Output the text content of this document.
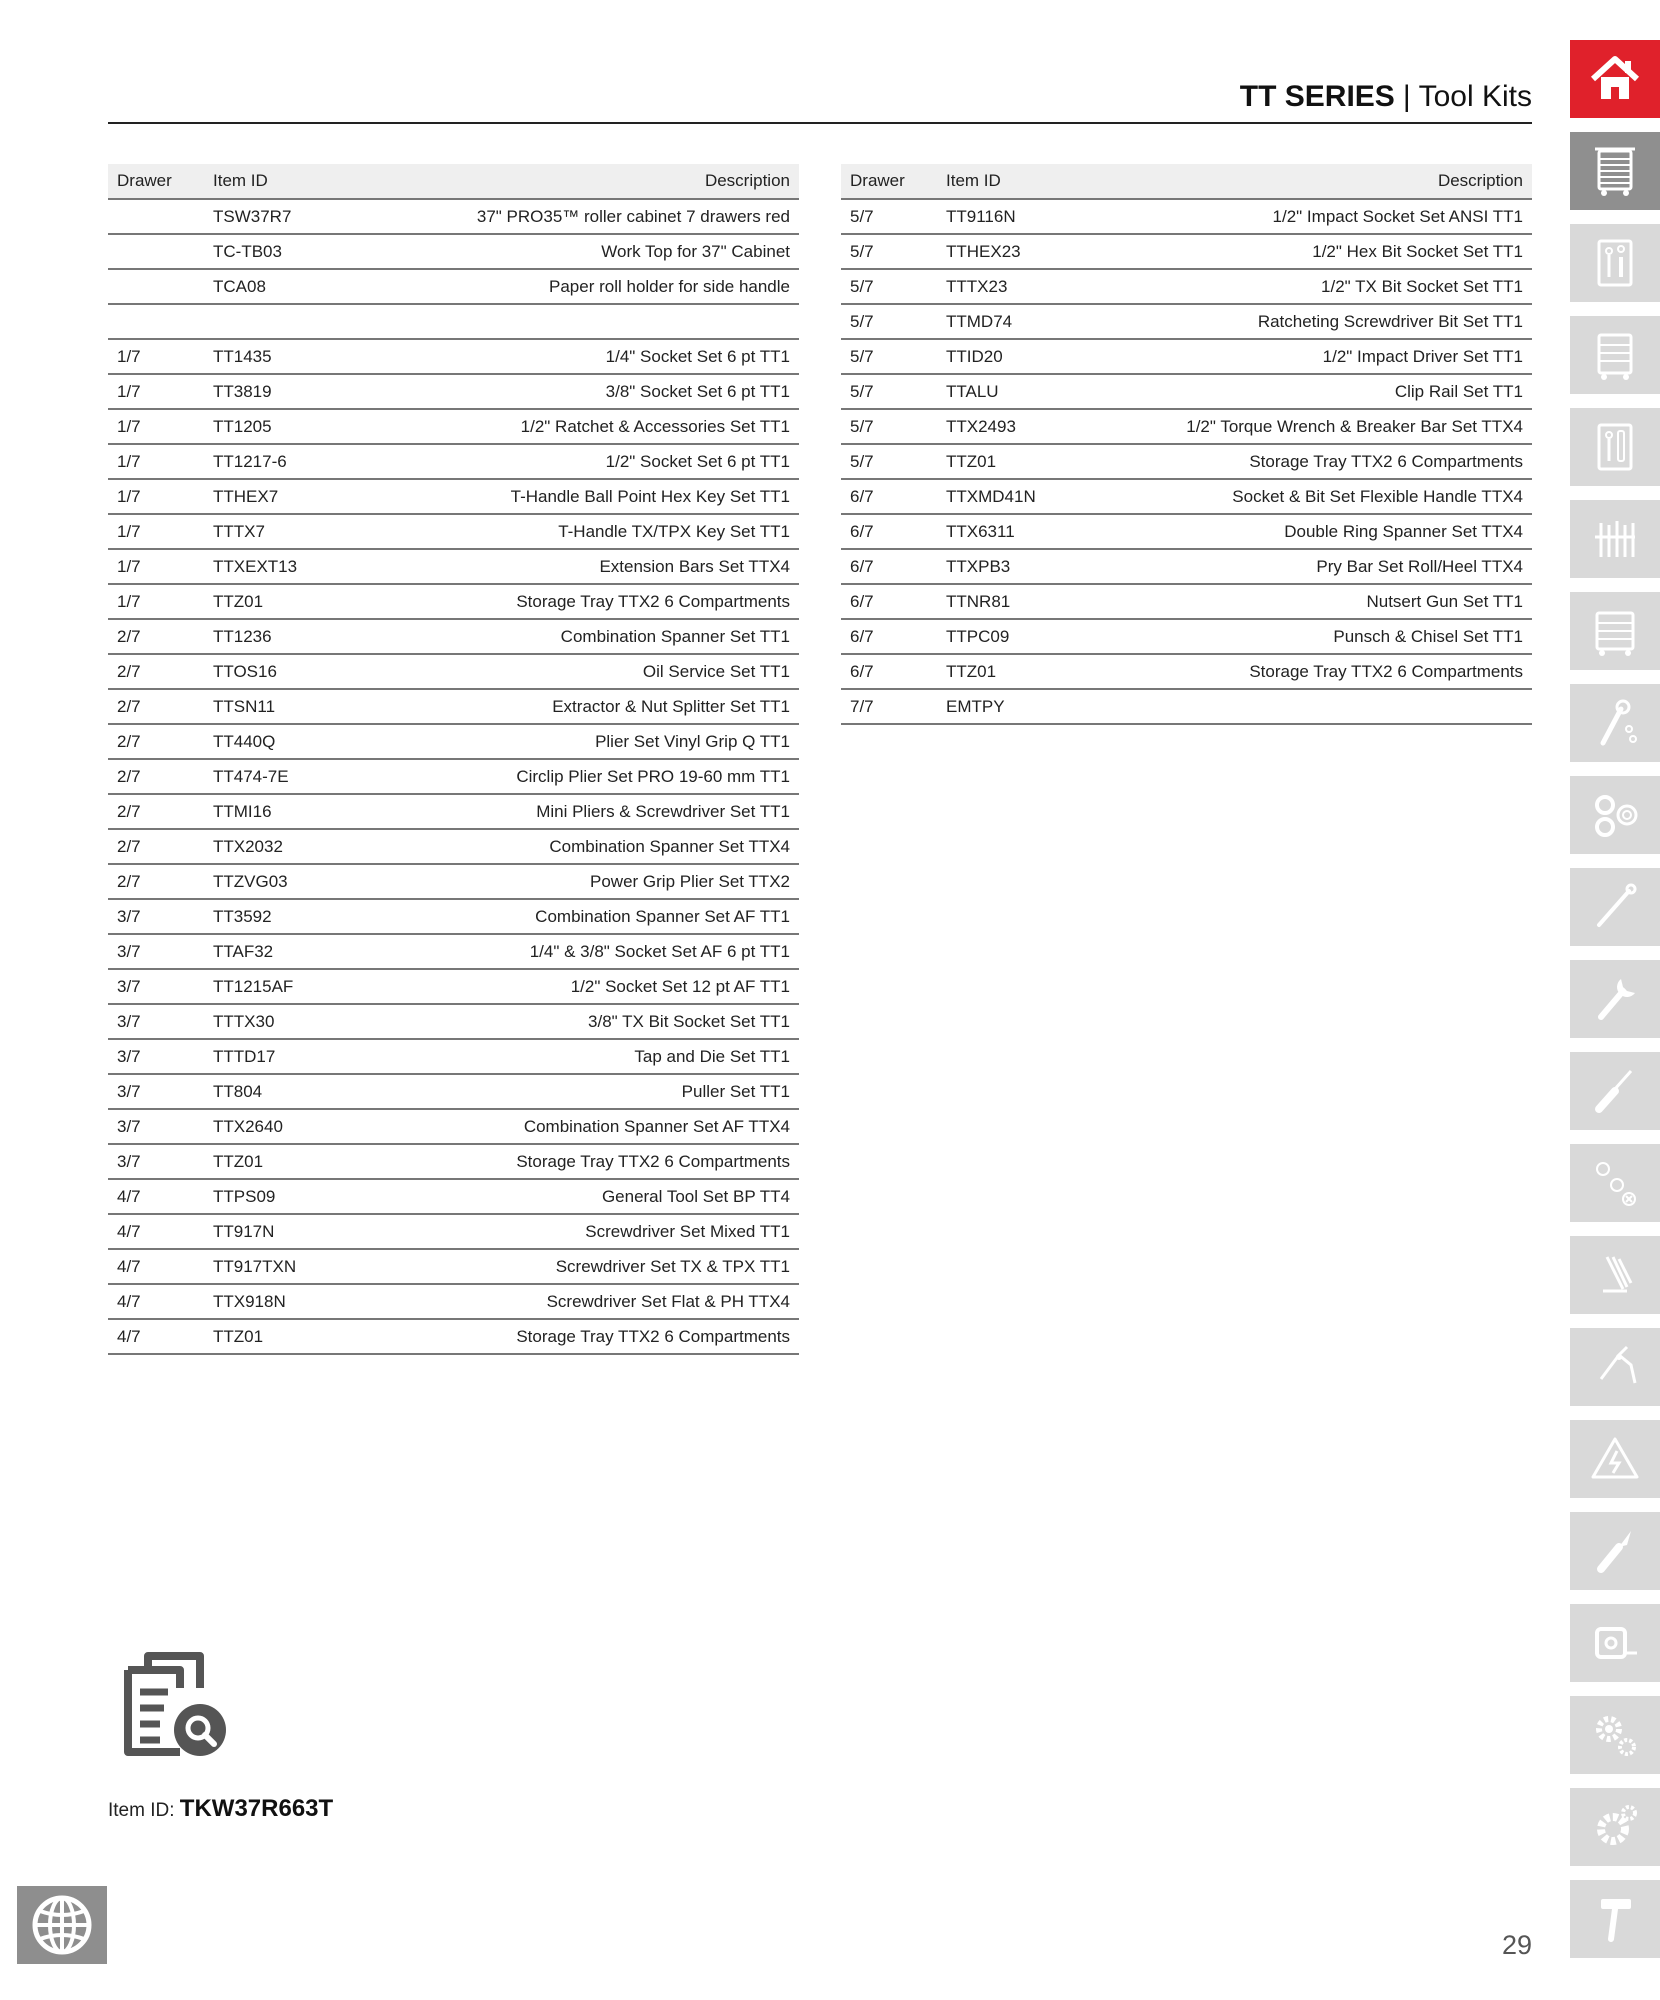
TT SERIES | Tool Kits
Drawer	Item ID	Description
	TSW37R7	37" PRO35™ roller cabinet 7 drawers red
	TC-TB03	Work Top for 37" Cabinet
	TCA08	Paper roll holder for side handle

1/7	TT1435	1/4" Socket Set 6 pt TT1
1/7	TT3819	3/8" Socket Set 6 pt TT1
1/7	TT1205	1/2" Ratchet & Accessories Set TT1
1/7	TT1217-6	1/2" Socket Set 6 pt TT1
1/7	TTHEX7	T-Handle Ball Point Hex Key Set TT1
1/7	TTTX7	T-Handle TX/TPX Key Set TT1
1/7	TTXEXT13	Extension Bars Set TTX4
1/7	TTZ01	Storage Tray TTX2 6 Compartments
2/7	TT1236	Combination Spanner Set TT1
2/7	TTOS16	Oil Service Set TT1
2/7	TTSN11	Extractor & Nut Splitter Set TT1
2/7	TT440Q	Plier Set Vinyl Grip Q TT1
2/7	TT474-7E	Circlip Plier Set PRO 19-60 mm TT1
2/7	TTMI16	Mini Pliers & Screwdriver Set TT1
2/7	TTX2032	Combination Spanner Set TTX4
2/7	TTZVG03	Power Grip Plier Set TTX2
3/7	TT3592	Combination Spanner Set AF TT1
3/7	TTAF32	1/4" & 3/8" Socket Set AF 6 pt TT1
3/7	TT1215AF	1/2" Socket Set 12 pt AF TT1
3/7	TTTX30	3/8" TX Bit Socket Set TT1
3/7	TTTD17	Tap and Die Set TT1
3/7	TT804	Puller Set TT1
3/7	TTX2640	Combination Spanner Set AF TTX4
3/7	TTZ01	Storage Tray TTX2 6 Compartments
4/7	TTPS09	General Tool Set BP TT4
4/7	TT917N	Screwdriver Set Mixed TT1
4/7	TT917TXN	Screwdriver Set TX & TPX TT1
4/7	TTX918N	Screwdriver Set Flat & PH TTX4
4/7	TTZ01	Storage Tray TTX2 6 Compartments
Drawer	Item ID	Description
5/7	TT9116N	1/2" Impact Socket Set ANSI TT1
5/7	TTHEX23	1/2" Hex Bit Socket Set TT1
5/7	TTTX23	1/2" TX Bit Socket Set TT1
5/7	TTMD74	Ratcheting Screwdriver Bit Set TT1
5/7	TTID20	1/2" Impact Driver Set TT1
5/7	TTALU	Clip Rail Set TT1
5/7	TTX2493	1/2" Torque Wrench & Breaker Bar Set TTX4
5/7	TTZ01	Storage Tray TTX2 6 Compartments
6/7	TTXMD41N	Socket & Bit Set Flexible Handle TTX4
6/7	TTX6311	Double Ring Spanner Set TTX4
6/7	TTXPB3	Pry Bar Set Roll/Heel TTX4
6/7	TTNR81	Nutsert Gun Set TT1
6/7	TTPC09	Punsch & Chisel Set TT1
6/7	TTZ01	Storage Tray TTX2 6 Compartments
7/7	EMTPY	
Item ID: TKW37R663T
29
